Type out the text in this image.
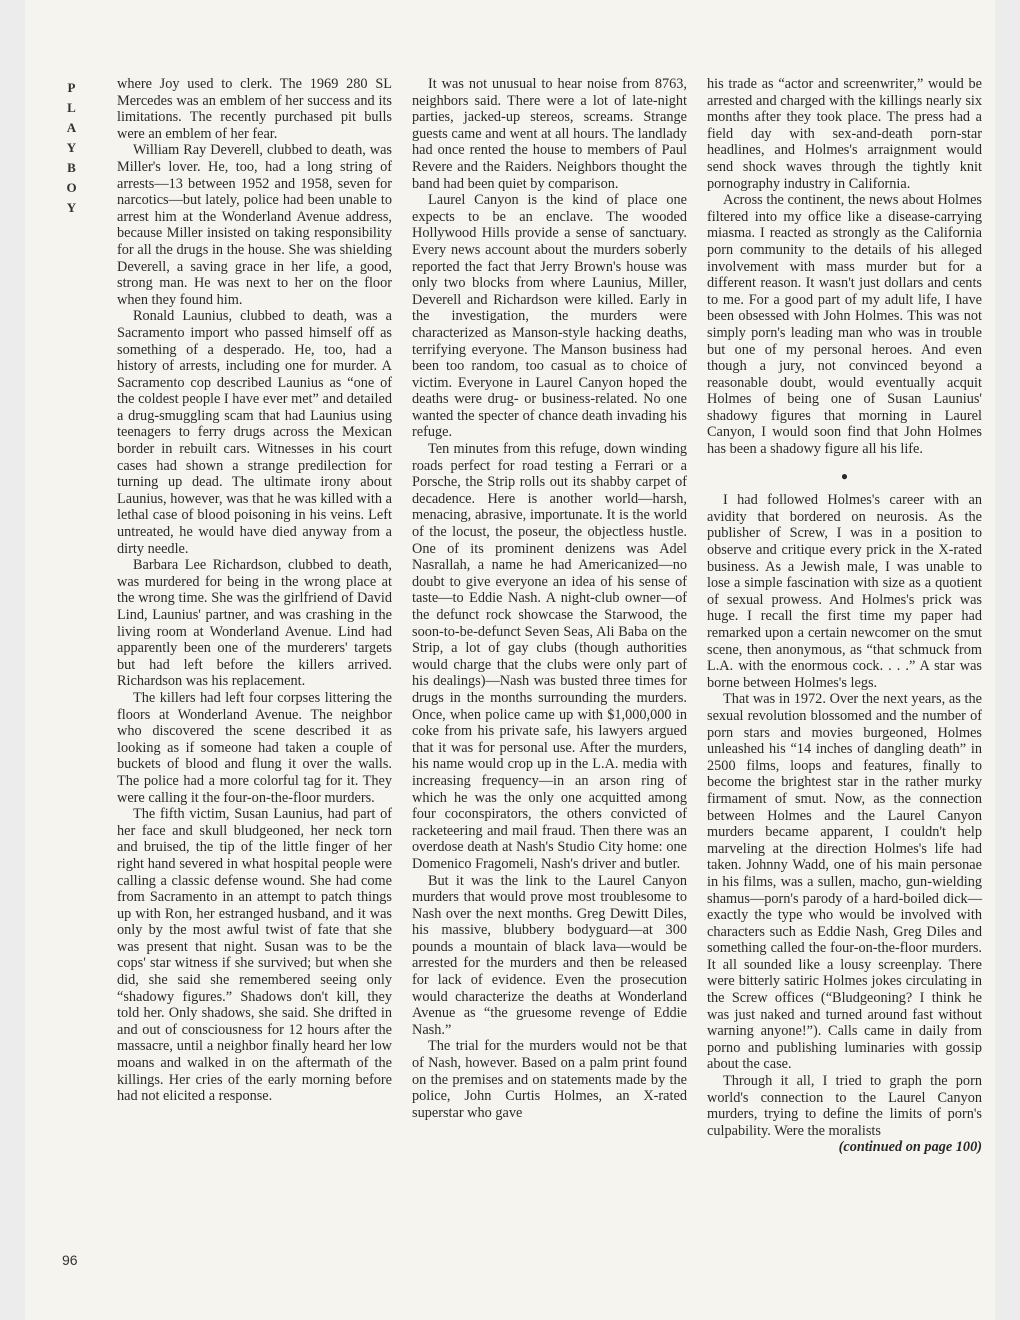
P
L
A
Y
B
O
Y

where Joy used to clerk. The 1969 280 SL Mercedes was an emblem of her success and its limitations. The recently purchased pit bulls were an emblem of her fear.

William Ray Deverell, clubbed to death, was Miller's lover. He, too, had a long string of arrests—13 between 1952 and 1958, seven for narcotics—but lately, police had been unable to arrest him at the Wonderland Avenue address, because Miller insisted on taking responsibility for all the drugs in the house. She was shielding Deverell, a saving grace in her life, a good, strong man. He was next to her on the floor when they found him.

Ronald Launius, clubbed to death, was a Sacramento import who passed himself off as something of a desperado. He, too, had a history of arrests, including one for murder. A Sacramento cop described Launius as “one of the coldest people I have ever met” and detailed a drug-smuggling scam that had Launius using teenagers to ferry drugs across the Mexican border in rebuilt cars. Witnesses in his court cases had shown a strange predilection for turning up dead. The ultimate irony about Launius, however, was that he was killed with a lethal case of blood poisoning in his veins. Left untreated, he would have died anyway from a dirty needle.

Barbara Lee Richardson, clubbed to death, was murdered for being in the wrong place at the wrong time. She was the girlfriend of David Lind, Launius' partner, and was crashing in the living room at Wonderland Avenue. Lind had apparently been one of the murderers' targets but had left before the killers arrived. Richardson was his replacement.

The killers had left four corpses littering the floors at Wonderland Avenue. The neighbor who discovered the scene described it as looking as if someone had taken a couple of buckets of blood and flung it over the walls. The police had a more colorful tag for it. They were calling it the four-on-the-floor murders.

The fifth victim, Susan Launius, had part of her face and skull bludgeoned, her neck torn and bruised, the tip of the little finger of her right hand severed in what hospital people were calling a classic defense wound. She had come from Sacramento in an attempt to patch things up with Ron, her estranged husband, and it was only by the most awful twist of fate that she was present that night. Susan was to be the cops' star witness if she survived; but when she did, she said she remembered seeing only “shadowy figures.” Shadows don't kill, they told her. Only shadows, she said. She drifted in and out of consciousness for 12 hours after the massacre, until a neighbor finally heard her low moans and walked in on the aftermath of the killings. Her cries of the early morning before had not elicited a response.

It was not unusual to hear noise from 8763, neighbors said. There were a lot of late-night parties, jacked-up stereos, screams. Strange guests came and went at all hours. The landlady had once rented the house to members of Paul Revere and the Raiders. Neighbors thought the band had been quiet by comparison.

Laurel Canyon is the kind of place one expects to be an enclave. The wooded Hollywood Hills provide a sense of sanctuary. Every news account about the murders soberly reported the fact that Jerry Brown's house was only two blocks from where Launius, Miller, Deverell and Richardson were killed. Early in the investigation, the murders were characterized as Manson-style hacking deaths, terrifying everyone. The Manson business had been too random, too casual as to choice of victim. Everyone in Laurel Canyon hoped the deaths were drug- or business-related. No one wanted the specter of chance death invading his refuge.

Ten minutes from this refuge, down winding roads perfect for road testing a Ferrari or a Porsche, the Strip rolls out its shabby carpet of decadence. Here is another world—harsh, menacing, abrasive, importunate. It is the world of the locust, the poseur, the objectless hustle. One of its prominent denizens was Adel Nasrallah, a name he had Americanized—no doubt to give everyone an idea of his sense of taste—to Eddie Nash. A night-club owner—of the defunct rock showcase the Starwood, the soon-to-be-defunct Seven Seas, Ali Baba on the Strip, a lot of gay clubs (though authorities would charge that the clubs were only part of his dealings)—Nash was busted three times for drugs in the months surrounding the murders. Once, when police came up with $1,000,000 in coke from his private safe, his lawyers argued that it was for personal use. After the murders, his name would crop up in the L.A. media with increasing frequency—in an arson ring of which he was the only one acquitted among four coconspirators, the others convicted of racketeering and mail fraud. Then there was an overdose death at Nash's Studio City home: one Domenico Fragomeli, Nash's driver and butler.

But it was the link to the Laurel Canyon murders that would prove most troublesome to Nash over the next months. Greg Dewitt Diles, his massive, blubbery bodyguard—at 300 pounds a mountain of black lava—would be arrested for the murders and then be released for lack of evidence. Even the prosecution would characterize the deaths at Wonderland Avenue as “the gruesome revenge of Eddie Nash.”

The trial for the murders would not be that of Nash, however. Based on a palm print found on the premises and on statements made by the police, John Curtis Holmes, an X-rated superstar who gave

his trade as “actor and screenwriter,” would be arrested and charged with the killings nearly six months after they took place. The press had a field day with sex-and-death porn-star headlines, and Holmes's arraignment would send shock waves through the tightly knit pornography industry in California.

Across the continent, the news about Holmes filtered into my office like a disease-carrying miasma. I reacted as strongly as the California porn community to the details of his alleged involvement with mass murder but for a different reason. It wasn't just dollars and cents to me. For a good part of my adult life, I have been obsessed with John Holmes. This was not simply porn's leading man who was in trouble but one of my personal heroes. And even though a jury, not convinced beyond a reasonable doubt, would eventually acquit Holmes of being one of Susan Launius' shadowy figures that morning in Laurel Canyon, I would soon find that John Holmes has been a shadowy figure all his life.

●

I had followed Holmes's career with an avidity that bordered on neurosis. As the publisher of Screw, I was in a position to observe and critique every prick in the X-rated business. As a Jewish male, I was unable to lose a simple fascination with size as a quotient of sexual prowess. And Holmes's prick was huge. I recall the first time my paper had remarked upon a certain newcomer on the smut scene, then anonymous, as “that schmuck from L.A. with the enormous cock. . . .” A star was borne between Holmes's legs.

That was in 1972. Over the next years, as the sexual revolution blossomed and the number of porn stars and movies burgeoned, Holmes unleashed his “14 inches of dangling death” in 2500 films, loops and features, finally to become the brightest star in the rather murky firmament of smut. Now, as the connection between Holmes and the Laurel Canyon murders became apparent, I couldn't help marveling at the direction Holmes's life had taken. Johnny Wadd, one of his main personae in his films, was a sullen, macho, gun-wielding shamus—porn's parody of a hard-boiled dick—exactly the type who would be involved with characters such as Eddie Nash, Greg Diles and something called the four-on-the-floor murders. It all sounded like a lousy screenplay. There were bitterly satiric Holmes jokes circulating in the Screw offices (“Bludgeoning? I think he was just naked and turned around fast without warning anyone!”). Calls came in daily from porno and publishing luminaries with gossip about the case.

Through it all, I tried to graph the porn world's connection to the Laurel Canyon murders, trying to define the limits of porn's culpability. Were the moralists

(continued on page 100)

96
